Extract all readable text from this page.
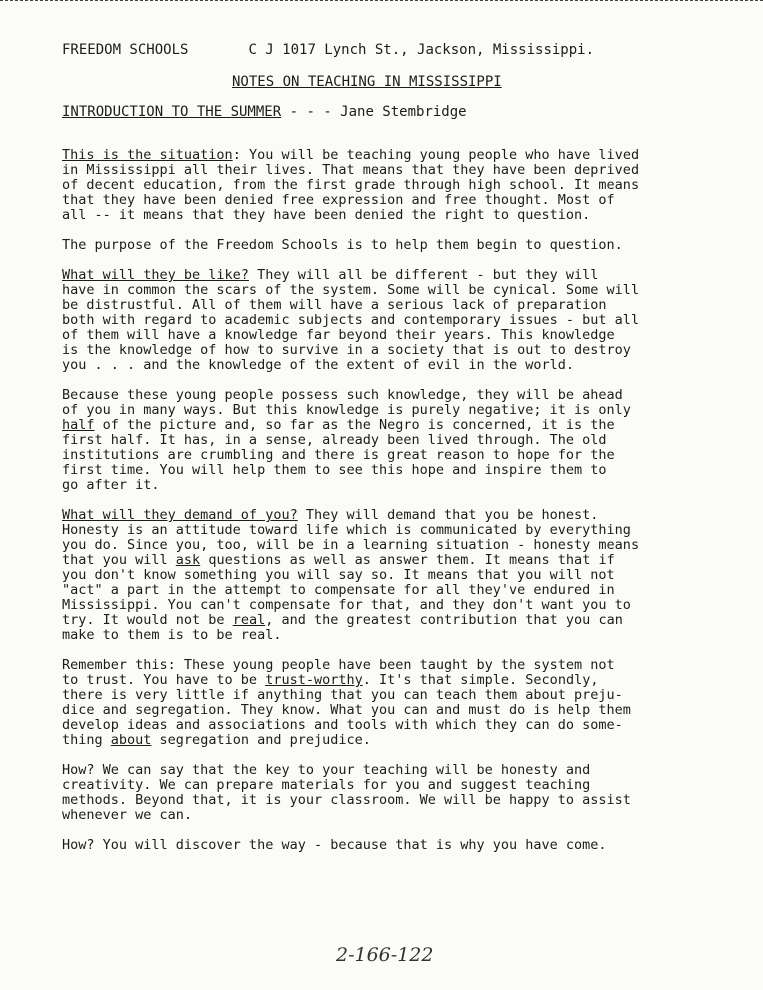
FREEDOM SCHOOLS	C J 1017 Lynch St., Jackson, Mississippi.
NOTES ON TEACHING IN MISSISSIPPI
INTRODUCTION TO THE SUMMER - - - Jane Stembridge
This is the situation: You will be teaching young people who have lived
in Mississippi all their lives. That means that they have been deprived
of decent education, from the first grade through high school. It means
that they have been denied free expression and free thought. Most of
all -- it means that they have been denied the right to question.
The purpose of the Freedom Schools is to help them begin to question.
What will they be like? They will all be different - but they will
have in common the scars of the system. Some will be cynical. Some will
be distrustful. All of them will have a serious lack of preparation
both with regard to academic subjects and contemporary issues - but all
of them will have a knowledge far beyond their years. This knowledge
is the knowledge of how to survive in a society that is out to destroy
you . . . and the knowledge of the extent of evil in the world.
Because these young people possess such knowledge, they will be ahead
of you in many ways. But this knowledge is purely negative; it is only
half of the picture and, so far as the Negro is concerned, it is the
first half. It has, in a sense, already been lived through. The old
institutions are crumbling and there is great reason to hope for the
first time. You will help them to see this hope and inspire them to
go after it.
What will they demand of you? They will demand that you be honest.
Honesty is an attitude toward life which is communicated by everything
you do. Since you, too, will be in a learning situation - honesty means
that you will ask questions as well as answer them. It means that if
you don't know something you will say so. It means that you will not
"act" a part in the attempt to compensate for all they've endured in
Mississippi. You can't compensate for that, and they don't want you to
try. It would not be real, and the greatest contribution that you can
make to them is to be real.
Remember this: These young people have been taught by the system not
to trust. You have to be trust-worthy. It's that simple. Secondly,
there is very little if anything that you can teach them about preju-
dice and segregation. They know. What you can and must do is help them
develop ideas and associations and tools with which they can do some-
thing about segregation and prejudice.
How? We can say that the key to your teaching will be honesty and
creativity. We can prepare materials for you and suggest teaching
methods. Beyond that, it is your classroom. We will be happy to assist
whenever we can.
How? You will discover the way - because that is why you have come.
2-166-122
